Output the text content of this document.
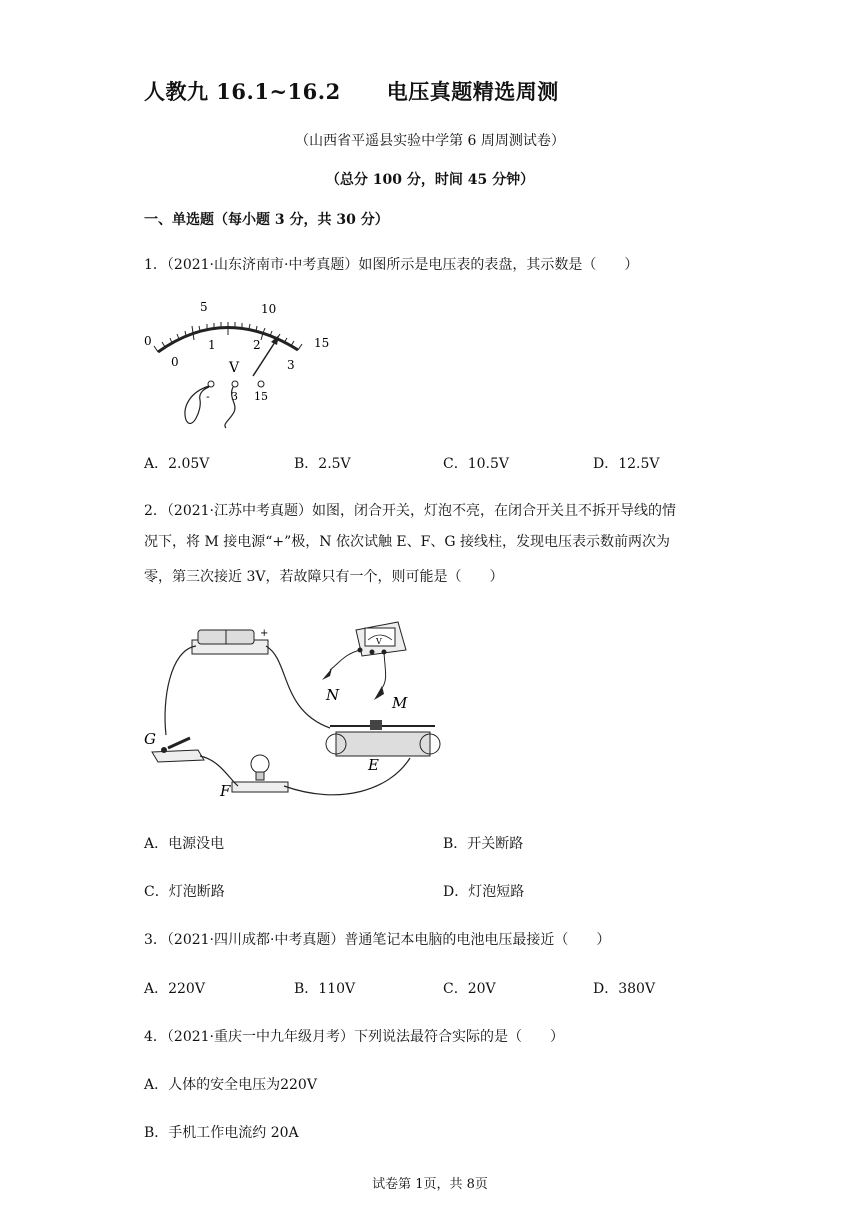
人教九 16.1~16.2 电压真题精选周测
（山西省平遥县实验中学第 6 周周测试卷）
（总分 100 分，时间 45 分钟）
一、单选题（每小题 3 分，共 30 分）
1．（2021·山东济南市·中考真题）如图所示是电压表的表盘，其示数是（　　）
0
5	10
15
0
1	2
3
V
- 3 15
A．2.05V	B．2.5V	C．10.5V	D．12.5V
2．（2021·江苏中考真题）如图，闭合开关，灯泡不亮，在闭合开关且不拆开导线的情
况下，将 M 接电源“+”极，N 依次试触 E、F、G 接线柱，发现电压表示数前两次为
零，第三次接近 3V，若故障只有一个，则可能是（　　）
+
V
G
F
E
N	M
A．电源没电	B．开关断路
C．灯泡断路	D．灯泡短路
3．（2021·四川成都·中考真题）普通笔记本电脑的电池电压最接近（　　）
A．220V	B．110V	C．20V	D．380V
4．（2021·重庆一中九年级月考）下列说法最符合实际的是（　　）
A．人体的安全电压为220V
B．手机工作电流约 20A
试卷第 1页，共 8页
